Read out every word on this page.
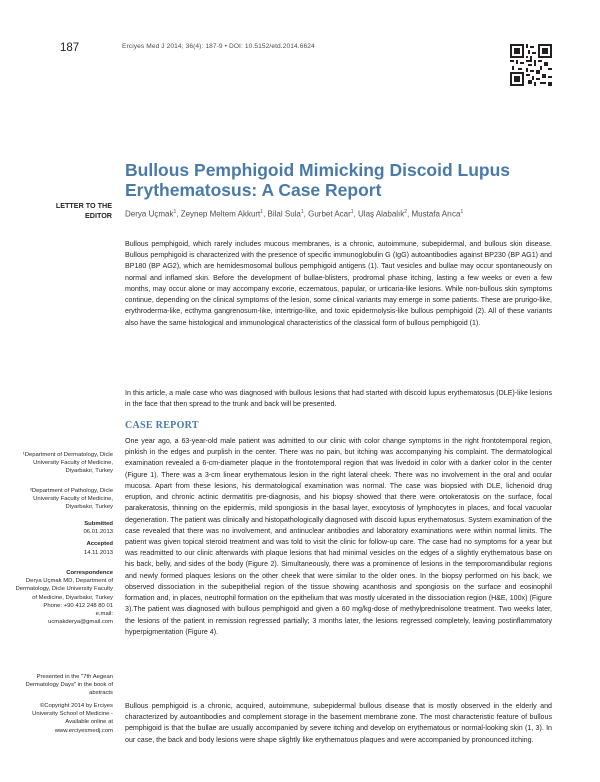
187	Erciyes Med J 2014; 36(4): 187-9 • DOI: 10.5152/etd.2014.6624
Bullous Pemphigoid Mimicking Discoid Lupus Erythematosus: A Case Report
LETTER TO THE EDITOR Derya Uçmak$^1$, Zeynep Meltem Akkurt$^1$, Bilal Sula$^1$, Gurbet Acar$^1$, Ulaş Alabalık$^2$, Mustafa Arıca$^1$

Bullous pemphigoid, which rarely includes mucous membranes, is a chronic, autoimmune, subepidermal, and bullous skin disease. Bullous pemphigoid is characterized with the presence of specific immunoglobulin G (IgG) autoantibodies against BP230 (BP AG1) and BP180 (BP AG2), which are hemidesmosomal bullous pemphigoid antigens (1). Taut vesicles and bullae may occur spontaneously on normal and inflamed skin. Before the development of bullae-blisters, prodromal phase itching, lasting a few weeks or even a few months, may occur alone or may accompany excorie, eczematous, papular, or urticaria-like lesions. While non-bullous skin symptoms continue, depending on the clinical symptoms of the lesion, some clinical variants may emerge in some patients. These are prurigo-like, erythroderma-like, ecthyma gangrenosum-like, intertrigo-like, and toxic epidermolysis-like bullous pemphigoid (2). All of these variants also have the same histological and immunological characteristics of the classical form of bullous pemphigoid (1).

In this article, a male case who was diagnosed with bullous lesions that had started with discoid lupus erythematosus (DLE)-like lesions in the face that then spread to the trunk and back will be presented.

CASE REPORT

One year ago, a 63-year-old male patient was admitted to our clinic with color change symptoms in the right frontotemporal region, pinkish in the edges and purplish in the center. There was no pain, but itching was accompanying his complaint. The dermatological examination revealed a 6-cm-diameter plaque in the frontotemporal region that was livedoid in color with a darker color in the center (Figure 1). There was a 3-cm linear erythematous lesion in the right lateral cheek. There was no involvement in the oral and ocular mucosa. Apart from these lesions, his dermatological examination was normal. The case was biopsied with DLE, lichenoid drug eruption, and chronic actinic dermatitis pre-diagnosis, and his biopsy showed that there were ortokeratosis on the surface, focal parakeratosis, thinning on the epidermis, mild spongiosis in the basal layer, exocytosis of lymphocytes in places, and focal vacuolar degeneration. The patient was clinically and histopathologically diagnosed with discoid lupus erythematosus. System examination of the case revealed that there was no involvement, and antinuclear antibodies and laboratory examinations were within normal limits. The patient was given topical steroid treatment and was told to visit the clinic for follow-up care. The case had no symptoms for a year but was readmitted to our clinic afterwards with plaque lesions that had minimal vesicles on the edges of a slightly erythematous base on his back, belly, and sides of the body (Figure 2). Simultaneously, there was a prominence of lesions in the temporomandibular regions and newly formed plaques lesions on the other cheek that were similar to the older ones. In the biopsy performed on his back, we observed dissociation in the subepithelial region of the tissue showing acanthosis and spongiosis on the surface and eosinophil formation and, in places, neutrophil formation on the epithelium that was mostly ulcerated in the dissociation region (H&E, 100x) (Figure 3).The patient was diagnosed with bullous pemphigoid and given a 60 mg/kg-dose of methylprednisolone treatment. Two weeks later, the lesions of the patient in remission regressed partially; 3 months later, the lesions regressed completely, leaving postinflammatory hyperpigmentation (Figure 4).

Bullous pemphigoid is a chronic, acquired, autoimmune, subepidermal bullous disease that is mostly observed in the elderly and characterized by autoantibodies and complement storage in the basement membrane zone. The most characteristic feature of bullous pemphigoid is that the bullae are usually accompanied by severe itching and develop on erythematous or normal-looking skin (1, 3). In our case, the back and body lesions were shape slightly like erythematous plaques and were accompanied by pronounced itching.

¹Department of Dermatology, Dicle University Faculty of Medicine, Diyarbakır, Turkey
²Department of Pathology, Dicle University Faculty of Medicine, Diyarbakır, Turkey
Submitted
06.01.2013
Accepted
14.11.2013
Correspondence
Derya Uçmak MD, Department of Dermatology, Dicle University Faculty of Medicine, Diyarbakır, Turkey
Phone: +90 412 248 80 01
e.mail:
ucmakderya@gmail.com
Presented in the "7th Aegean Dermatology Days" in the book of abstracts
©Copyright 2014 by Erciyes University School of Medicine - Available online at www.erciyesmedj.com
